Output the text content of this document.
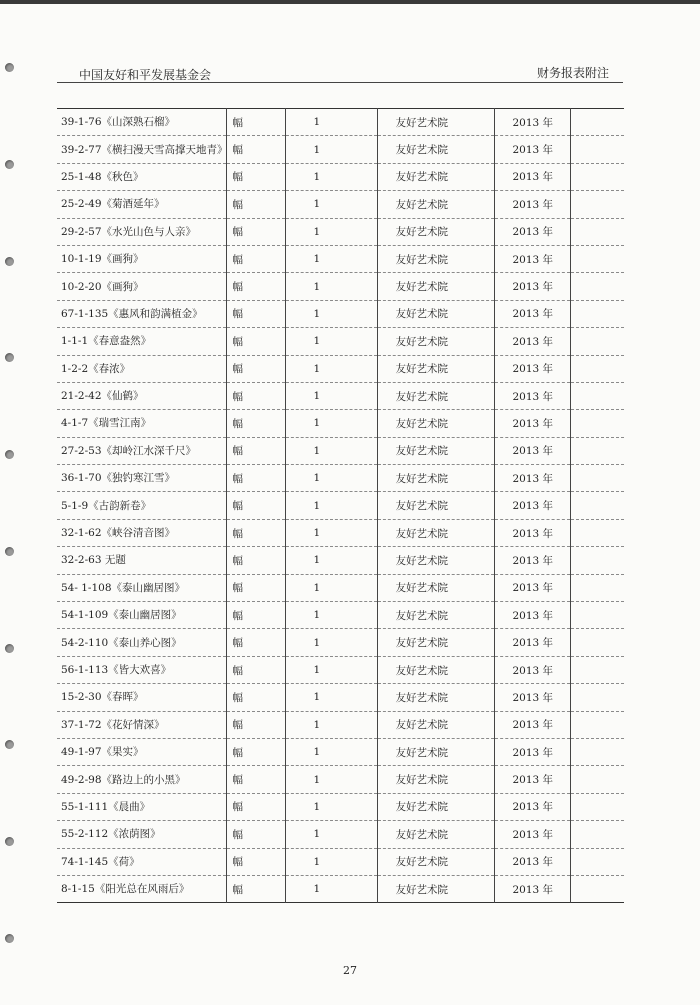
中国友好和平发展基金会	财务报表附注
39-1-76《山深熟石榴》	幅	1	友好艺术院	2013 年	
39-2-77《横扫漫天雪高撑天地青》	幅	1	友好艺术院	2013 年	
25-1-48《秋色》	幅	1	友好艺术院	2013 年	
25-2-49《菊酒延年》	幅	1	友好艺术院	2013 年	
29-2-57《水光山色与人亲》	幅	1	友好艺术院	2013 年	
10-1-19《画狗》	幅	1	友好艺术院	2013 年	
10-2-20《画狗》	幅	1	友好艺术院	2013 年	
67-1-135《惠风和韵满植金》	幅	1	友好艺术院	2013 年	
1-1-1《春意盎然》	幅	1	友好艺术院	2013 年	
1-2-2《春浓》	幅	1	友好艺术院	2013 年	
21-2-42《仙鹤》	幅	1	友好艺术院	2013 年	
4-1-7《瑞雪江南》	幅	1	友好艺术院	2013 年	
27-2-53《却岭江水深千尺》	幅	1	友好艺术院	2013 年	
36-1-70《独钓寒江雪》	幅	1	友好艺术院	2013 年	
5-1-9《古韵新卷》	幅	1	友好艺术院	2013 年	
32-1-62《峡谷清音图》	幅	1	友好艺术院	2013 年	
32-2-63 无题	幅	1	友好艺术院	2013 年	
54- 1-108《泰山幽居图》	幅	1	友好艺术院	2013 年	
54-1-109《泰山幽居图》	幅	1	友好艺术院	2013 年	
54-2-110《泰山养心图》	幅	1	友好艺术院	2013 年	
56-1-113《皆大欢喜》	幅	1	友好艺术院	2013 年	
15-2-30《春晖》	幅	1	友好艺术院	2013 年	
37-1-72《花好情深》	幅	1	友好艺术院	2013 年	
49-1-97《果实》	幅	1	友好艺术院	2013 年	
49-2-98《路边上的小黑》	幅	1	友好艺术院	2013 年	
55-1-111《晨曲》	幅	1	友好艺术院	2013 年	
55-2-112《浓荫图》	幅	1	友好艺术院	2013 年	
74-1-145《荷》	幅	1	友好艺术院	2013 年	
8-1-15《阳光总在风雨后》	幅	1	友好艺术院	2013 年	
27
